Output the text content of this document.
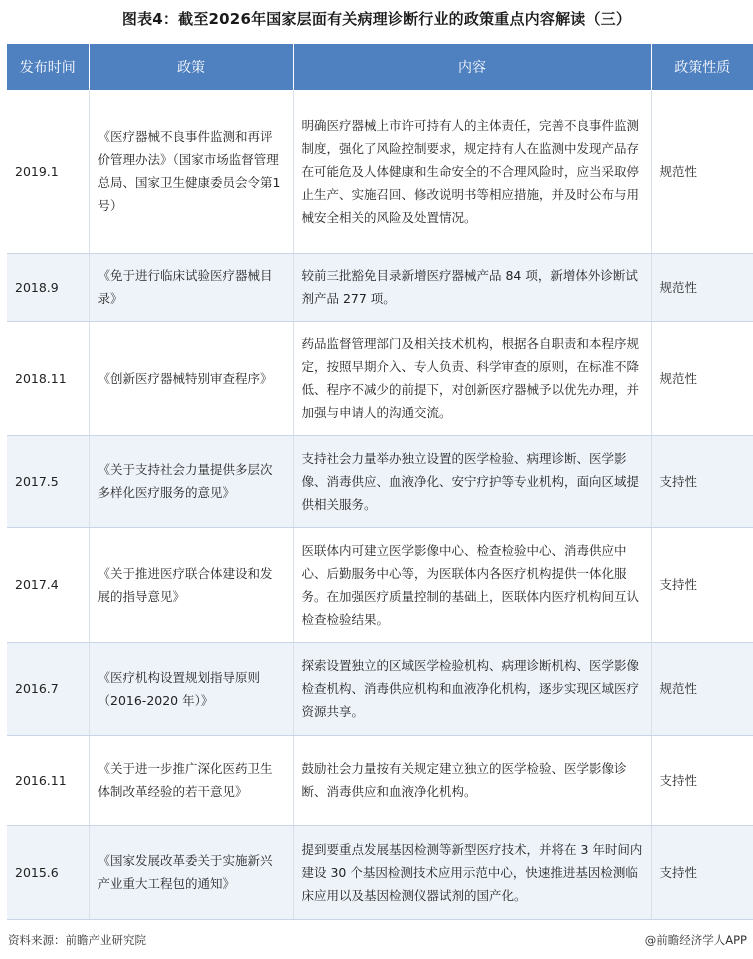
图表4：截至2026年国家层面有关病理诊断行业的政策重点内容解读（三）
发布时间	政策	内容	政策性质
2019.1	《医疗器械不良事件监测和再评价管理办法》（国家市场监督管理总局、国家卫生健康委员会令第1号）	明确医疗器械上市许可持有人的主体责任，完善不良事件监测制度，强化了风险控制要求，规定持有人在监测中发现产品存在可能危及人体健康和生命安全的不合理风险时，应当采取停止生产、实施召回、修改说明书等相应措施，并及时公布与用械安全相关的风险及处置情况。	规范性
2018.9	《免于进行临床试验医疗器械目录》	较前三批豁免目录新增医疗器械产品 84 项，新增体外诊断试剂产品 277 项。	规范性
2018.11	《创新医疗器械特别审查程序》	药品监督管理部门及相关技术机构，根据各自职责和本程序规定，按照早期介入、专人负责、科学审查的原则，在标准不降低、程序不减少的前提下，对创新医疗器械予以优先办理，并加强与申请人的沟通交流。	规范性
2017.5	《关于支持社会力量提供多层次多样化医疗服务的意见》	支持社会力量举办独立设置的医学检验、病理诊断、医学影像、消毒供应、血液净化、安宁疗护等专业机构，面向区域提供相关服务。	支持性
2017.4	《关于推进医疗联合体建设和发展的指导意见》	医联体内可建立医学影像中心、检查检验中心、消毒供应中心、后勤服务中心等，为医联体内各医疗机构提供一体化服务。在加强医疗质量控制的基础上，医联体内医疗机构间互认检查检验结果。	支持性
2016.7	《医疗机构设置规划指导原则（2016-2020 年）》	探索设置独立的区域医学检验机构、病理诊断机构、医学影像检查机构、消毒供应机构和血液净化机构，逐步实现区域医疗资源共享。	规范性
2016.11	《关于进一步推广深化医药卫生体制改革经验的若干意见》	鼓励社会力量按有关规定建立独立的医学检验、医学影像诊断、消毒供应和血液净化机构。	支持性
2015.6	《国家发展改革委关于实施新兴产业重大工程包的通知》	提到要重点发展基因检测等新型医疗技术，并将在 3 年时间内建设 30 个基因检测技术应用示范中心，快速推进基因检测临床应用以及基因检测仪器试剂的国产化。	支持性
资料来源：前瞻产业研究院	@前瞻经济学人APP
